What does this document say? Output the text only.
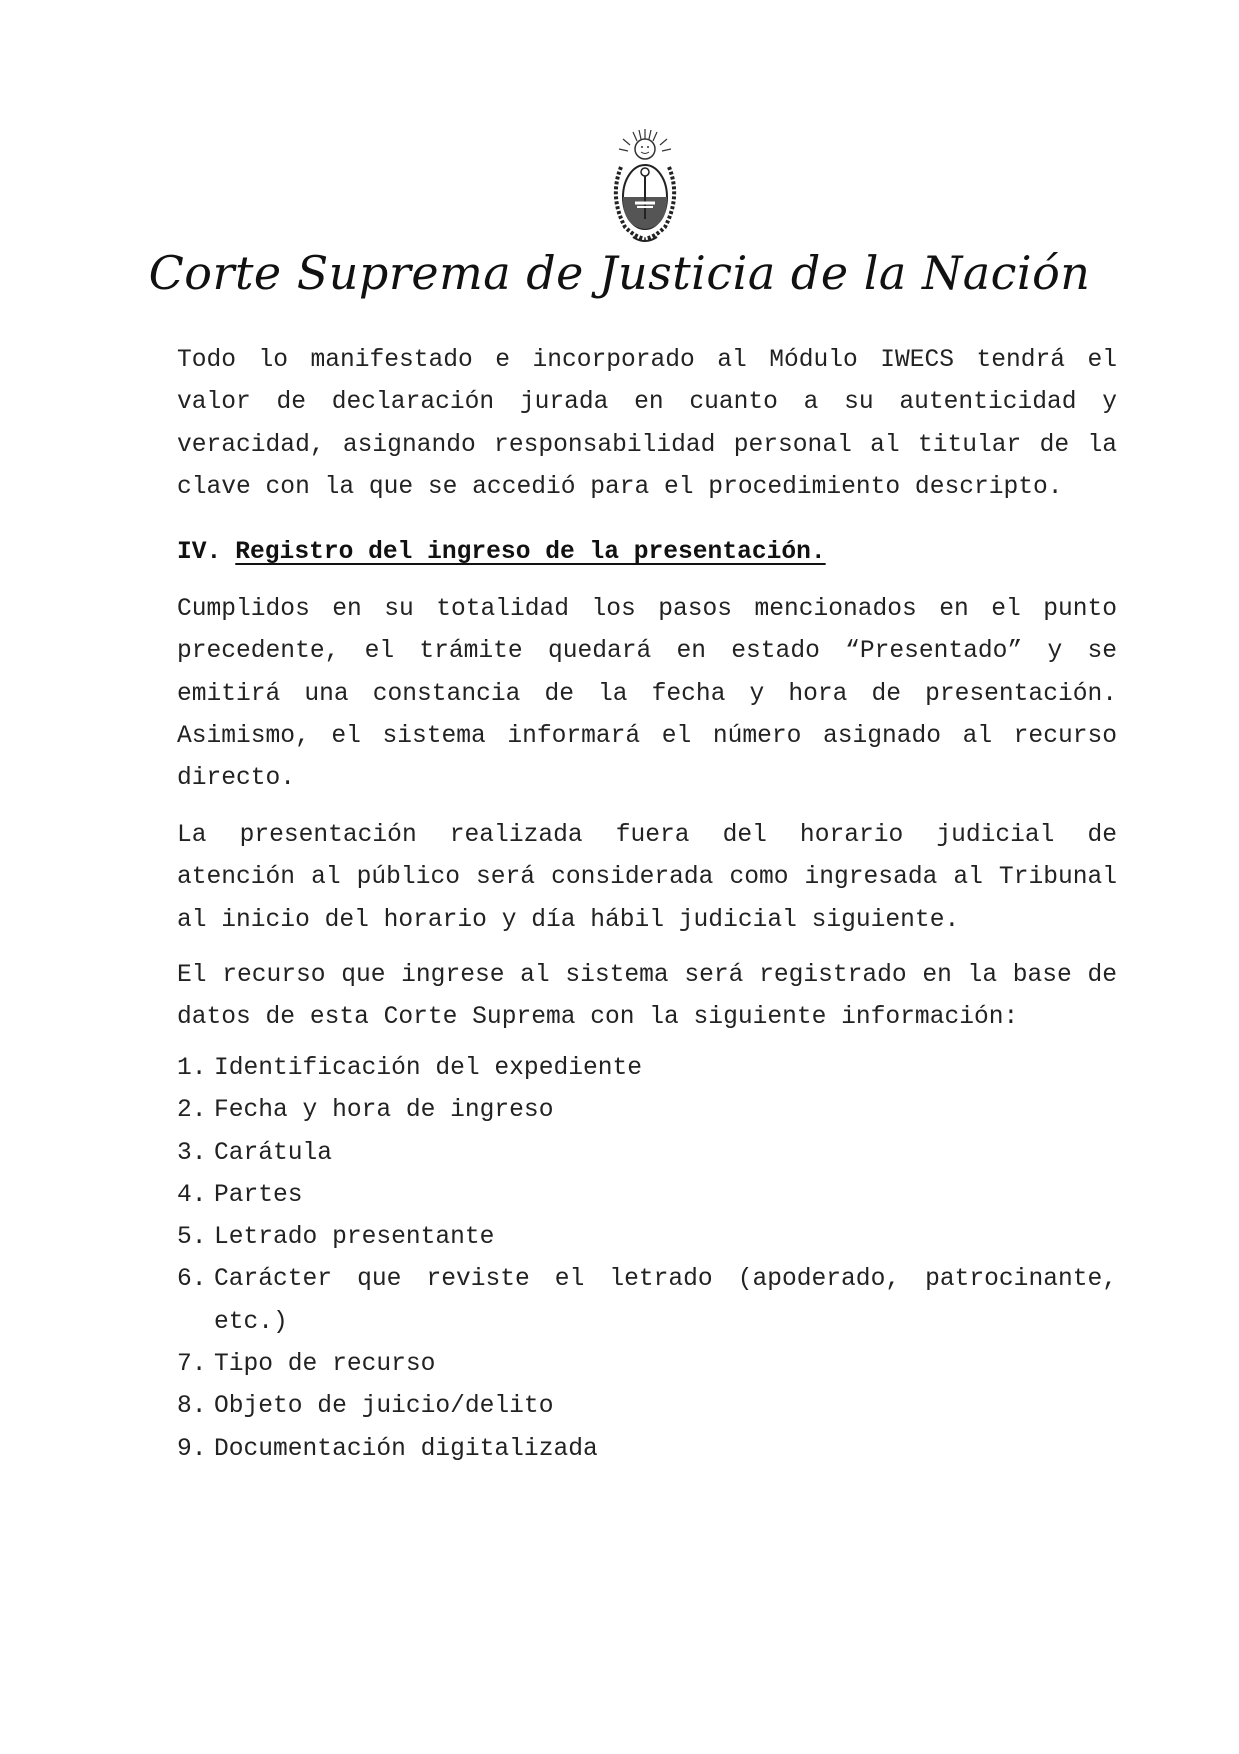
Corte Suprema de Justicia de la Nación

Todo lo manifestado e incorporado al Módulo IWECS tendrá el valor de declaración jurada en cuanto a su autenticidad y veracidad, asignando responsabilidad personal al titular de la clave con la que se accedió para el procedimiento descripto.

IV. Registro del ingreso de la presentación.

Cumplidos en su totalidad los pasos mencionados en el punto precedente, el trámite quedará en estado “Presentado” y se emitirá una constancia de la fecha y hora de presentación. Asimismo, el sistema informará el número asignado al recurso directo.

La presentación realizada fuera del horario judicial de atención al público será considerada como ingresada al Tribunal al inicio del horario y día hábil judicial siguiente.

El recurso que ingrese al sistema será registrado en la base de datos de esta Corte Suprema con la siguiente información:

1. Identificación del expediente
2. Fecha y hora de ingreso
3. Carátula
4. Partes
5. Letrado presentante
6. Carácter que reviste el letrado (apoderado, patrocinante, etc.)
7. Tipo de recurso
8. Objeto de juicio/delito
9. Documentación digitalizada
